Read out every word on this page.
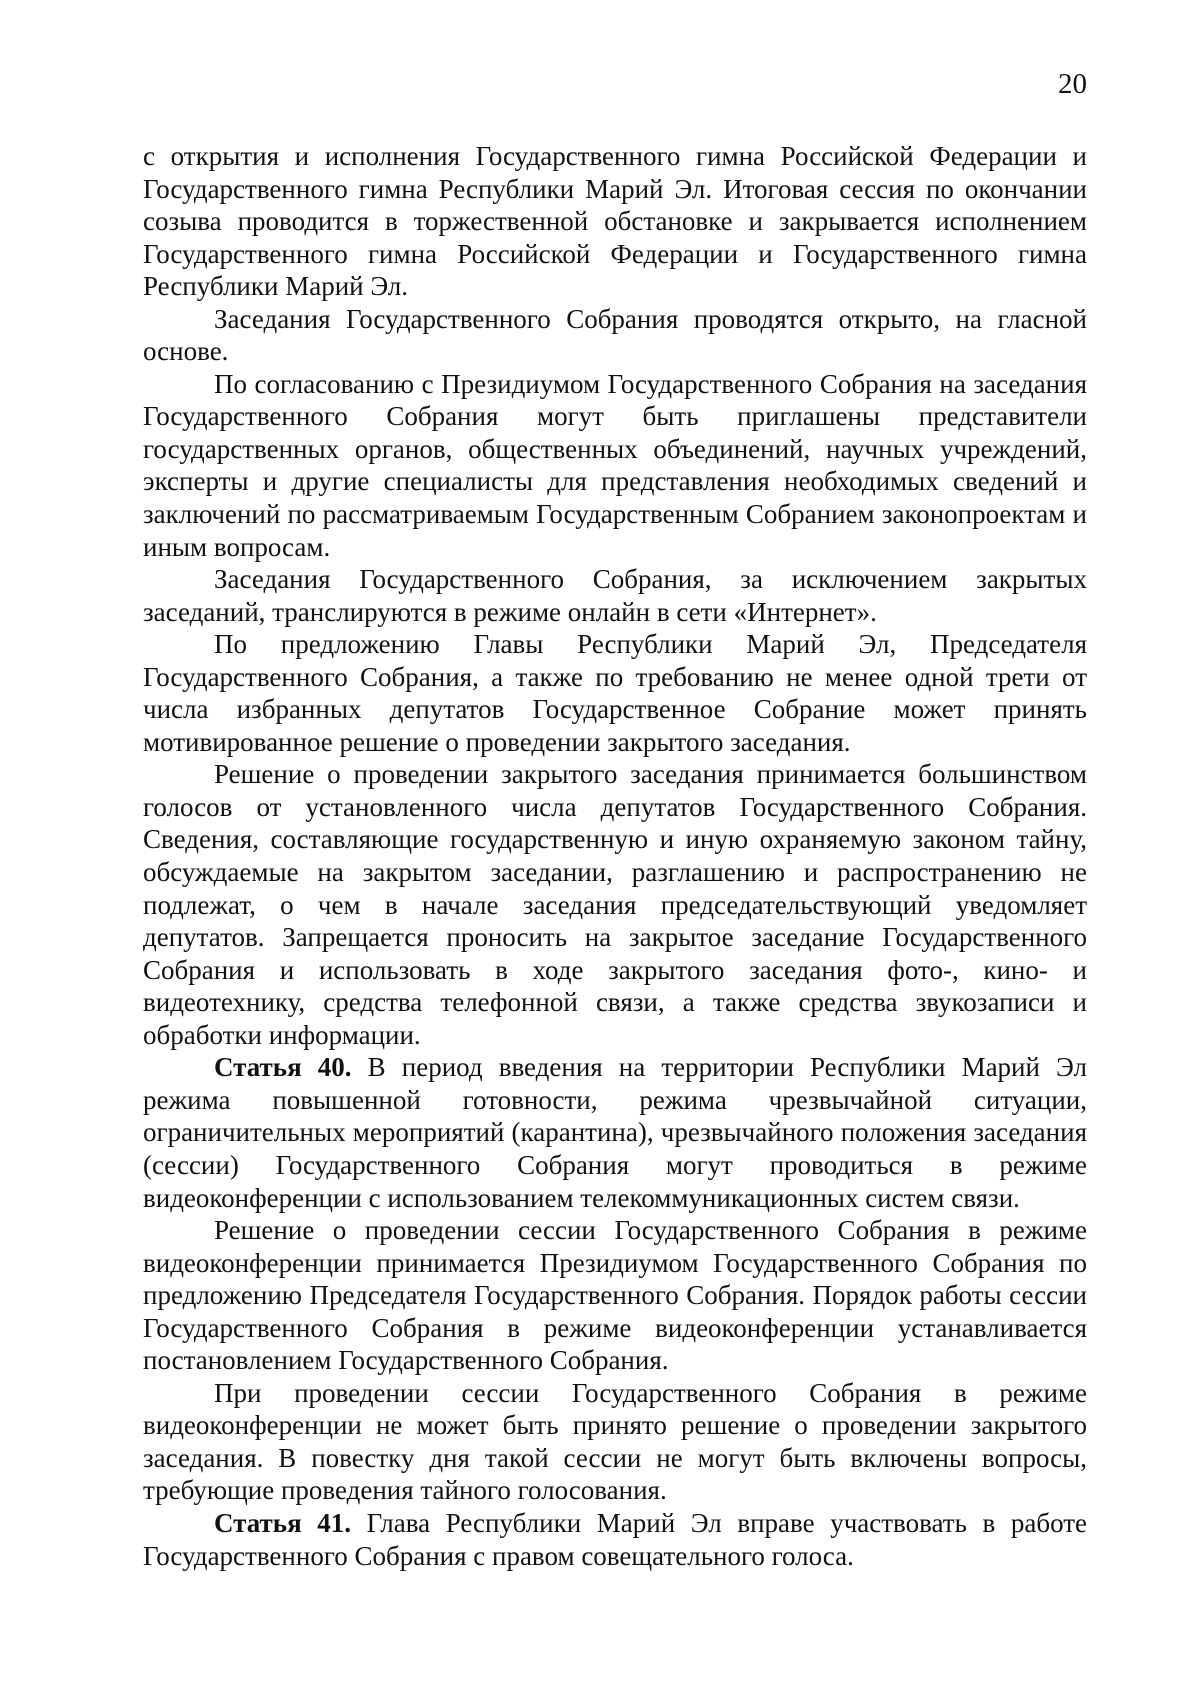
20

с открытия и исполнения Государственного гимна Российской Федерации и Государственного гимна Республики Марий Эл. Итоговая сессия по окончании созыва проводится в торжественной обстановке и закрывается исполнением Государственного гимна Российской Федерации и Государственного гимна Республики Марий Эл.

Заседания Государственного Собрания проводятся открыто, на гласной основе.

По согласованию с Президиумом Государственного Собрания на заседания Государственного Собрания могут быть приглашены представители государственных органов, общественных объединений, научных учреждений, эксперты и другие специалисты для представления необходимых сведений и заключений по рассматриваемым Государственным Собранием законопроектам и иным вопросам.

Заседания Государственного Собрания, за исключением закрытых заседаний, транслируются в режиме онлайн в сети «Интернет».

По предложению Главы Республики Марий Эл, Председателя Государственного Собрания, а также по требованию не менее одной трети от числа избранных депутатов Государственное Собрание может принять мотивированное решение о проведении закрытого заседания.

Решение о проведении закрытого заседания принимается большинством голосов от установленного числа депутатов Государственного Собрания. Сведения, составляющие государственную и иную охраняемую законом тайну, обсуждаемые на закрытом заседании, разглашению и распространению не подлежат, о чем в начале заседания председательствующий уведомляет депутатов. Запрещается проносить на закрытое заседание Государственного Собрания и использовать в ходе закрытого заседания фото-, кино- и видеотехнику, средства телефонной связи, а также средства звукозаписи и обработки информации.

Статья 40. В период введения на территории Республики Марий Эл режима повышенной готовности, режима чрезвычайной ситуации, ограничительных мероприятий (карантина), чрезвычайного положения заседания (сессии) Государственного Собрания могут проводиться в режиме видеоконференции с использованием телекоммуникационных систем связи.

Решение о проведении сессии Государственного Собрания в режиме видеоконференции принимается Президиумом Государственного Собрания по предложению Председателя Государственного Собрания. Порядок работы сессии Государственного Собрания в режиме видеоконференции устанавливается постановлением Государственного Собрания.

При проведении сессии Государственного Собрания в режиме видеоконференции не может быть принято решение о проведении закрытого заседания. В повестку дня такой сессии не могут быть включены вопросы, требующие проведения тайного голосования.

Статья 41. Глава Республики Марий Эл вправе участвовать в работе Государственного Собрания с правом совещательного голоса.
